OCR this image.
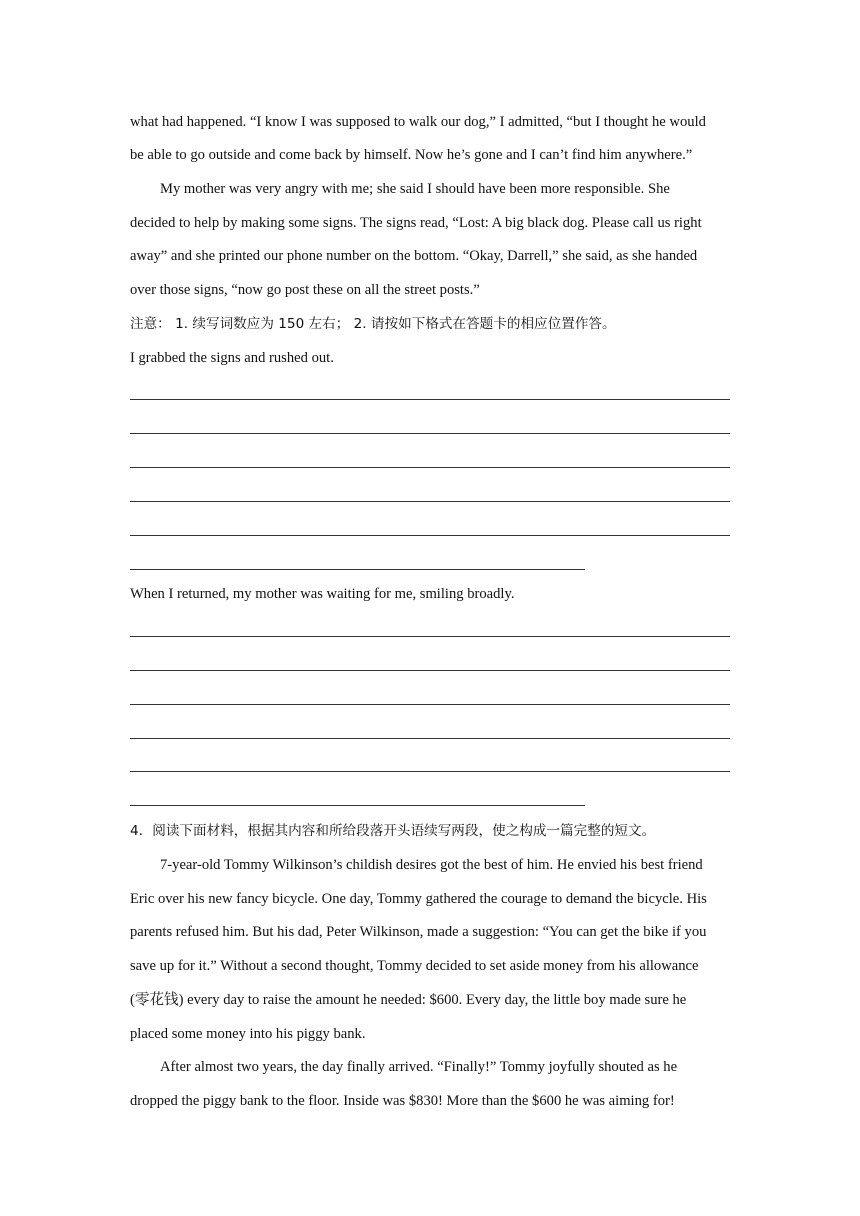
what had happened. “I know I was supposed to walk our dog,” I admitted, “but I thought he would
be able to go outside and come back by himself. Now he’s gone and I can’t find him anywhere.”
My mother was very angry with me; she said I should have been more responsible. She
decided to help by making some signs. The signs read, “Lost: A big black dog. Please call us right
away” and she printed our phone number on the bottom. “Okay, Darrell,” she said, as she handed
over those signs, “now go post these on all the street posts.”
注意： 1. 续写词数应为 150 左右； 2. 请按如下格式在答题卡的相应位置作答。
I grabbed the signs and rushed out.
When I returned, my mother was waiting for me, smiling broadly.
4．阅读下面材料，根据其内容和所给段落开头语续写两段，使之构成一篇完整的短文。
7-year-old Tommy Wilkinson’s childish desires got the best of him. He envied his best friend
Eric over his new fancy bicycle. One day, Tommy gathered the courage to demand the bicycle. His
parents refused him. But his dad, Peter Wilkinson, made a suggestion: “You can get the bike if you
save up for it.” Without a second thought, Tommy decided to set aside money from his allowance
(零花钱) every day to raise the amount he needed: $600. Every day, the little boy made sure he
placed some money into his piggy bank.
After almost two years, the day finally arrived. “Finally!” Tommy joyfully shouted as he
dropped the piggy bank to the floor. Inside was $830! More than the $600 he was aiming for!
